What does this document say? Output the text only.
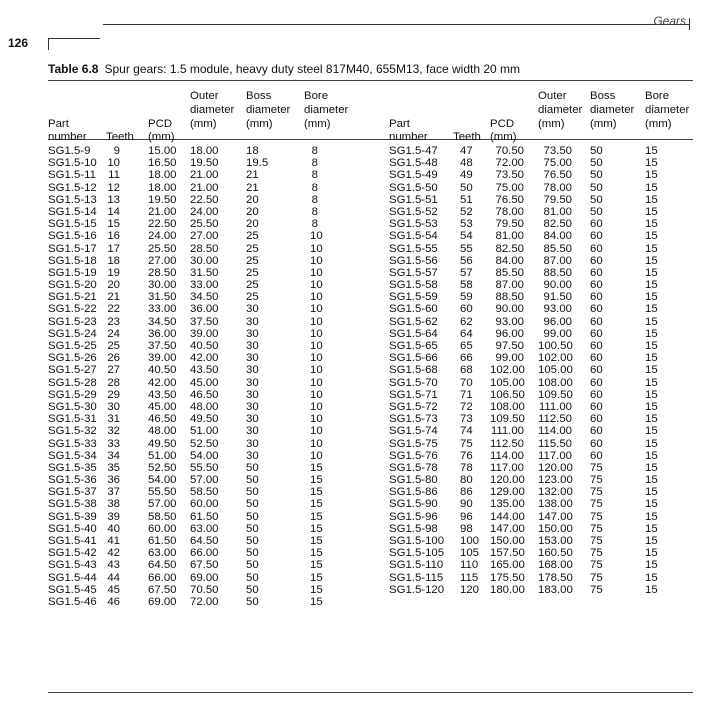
Gears
126
Table 6.8 Spur gears: 1.5 module, heavy duty steel 817M40, 655M13, face width 20 mm
Part
number
SG1.5-9
SG1.5-10
SG1.5-11
SG1.5-12
SG1.5-13
SG1.5-14
SG1.5-15
SG1.5-16
SG1.5-17
SG1.5-18
SG1.5-19
SG1.5-20
SG1.5-21
SG1.5-22
SG1.5-23
SG1.5-24
SG1.5-25
SG1.5-26
SG1.5-27
SG1.5-28
SG1.5-29
SG1.5-30
SG1.5-31
SG1.5-32
SG1.5-33
SG1.5-34
SG1.5-35
SG1.5-36
SG1.5-37
SG1.5-38
SG1.5-39
SG1.5-40
SG1.5-41
SG1.5-42
SG1.5-43
SG1.5-44
SG1.5-45
SG1.5-46
Teeth
9
10
11
12
13
14
15
16
17
18
19
20
21
22
23
24
25
26
27
28
29
30
31
32
33
34
35
36
37
38
39
40
41
42
43
44
45
46
PCD
(mm)
15.00
16.50
18.00
18.00
19.50
21.00
22.50
24.00
25.50
27.00
28.50
30.00
31.50
33.00
34.50
36.00
37.50
39.00
40.50
42.00
43.50
45.00
46.50
48.00
49.50
51.00
52.50
54.00
55.50
57.00
58.50
60.00
61.50
63.00
64.50
66.00
67.50
69.00
Outer
diameter
(mm)
18.00
19.50
21.00
21.00
22.50
24.00
25.50
27.00
28.50
30.00
31.50
33.00
34.50
36.00
37.50
39.00
40.50
42.00
43.50
45.00
46.50
48.00
49.50
51.00
52.50
54.00
55.50
57.00
58.50
60.00
61.50
63.00
64.50
66.00
67.50
69.00
70.50
72.00
Boss
diameter
(mm)
18
19.5
21
21
20
20
20
25
25
25
25
25
25
30
30
30
30
30
30
30
30
30
30
30
30
30
50
50
50
50
50
50
50
50
50
50
50
50
Bore
diameter
(mm)
8
8
8
8
8
8
8
10
10
10
10
10
10
10
10
10
10
10
10
10
10
10
10
10
10
10
15
15
15
15
15
15
15
15
15
15
15
15
Part
number
SG1.5-47
SG1.5-48
SG1.5-49
SG1.5-50
SG1.5-51
SG1.5-52
SG1.5-53
SG1.5-54
SG1.5-55
SG1.5-56
SG1.5-57
SG1.5-58
SG1.5-59
SG1.5-60
SG1.5-62
SG1.5-64
SG1.5-65
SG1.5-66
SG1.5-68
SG1.5-70
SG1.5-71
SG1.5-72
SG1.5-73
SG1.5-74
SG1.5-75
SG1.5-76
SG1.5-78
SG1.5-80
SG1.5-86
SG1.5-90
SG1.5-96
SG1.5-98
SG1.5-100
SG1.5-105
SG1.5-110
SG1.5-115
SG1.5-120
Teeth
47
48
49
50
51
52
53
54
55
56
57
58
59
60
62
64
65
66
68
70
71
72
73
74
75
76
78
80
86
90
96
98
100
105
110
115
120
PCD
(mm)
70.50
72.00
73.50
75.00
76.50
78.00
79.50
81.00
82.50
84.00
85.50
87.00
88.50
90.00
93.00
96.00
97.50
99.00
102.00
105.00
106.50
108.00
109.50
111.00
112.50
114.00
117.00
120.00
129.00
135.00
144.00
147.00
150.00
157.50
165.00
175.50
180.00
Outer
diameter
(mm)
73.50
75.00
76.50
78.00
79.50
81.00
82.50
84.00
85.50
87.00
88.50
90.00
91.50
93.00
96.00
99.00
100.50
102.00
105.00
108.00
109.50
111.00
112.50
114.00
115.50
117.00
120.00
123.00
132.00
138.00
147.00
150.00
153.00
160.50
168.00
178.50
183.00
Boss
diameter
(mm)
50
50
50
50
50
50
60
60
60
60
60
60
60
60
60
60
60
60
60
60
60
60
60
60
60
60
75
75
75
75
75
75
75
75
75
75
75
Bore
diameter
(mm)
15
15
15
15
15
15
15
15
15
15
15
15
15
15
15
15
15
15
15
15
15
15
15
15
15
15
15
15
15
15
15
15
15
15
15
15
15
